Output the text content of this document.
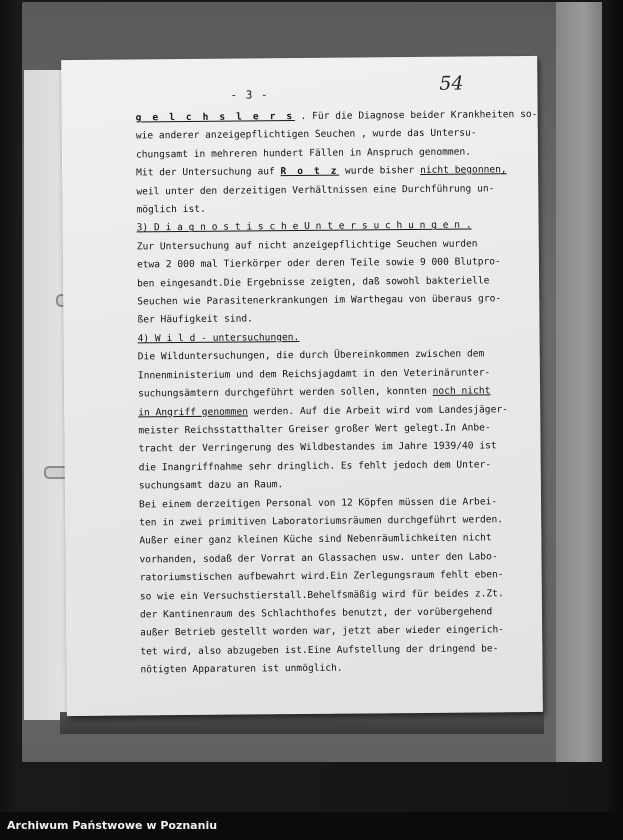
- 3 -
54
g e l c h s l e r s . Für die Diagnose beider Krankheiten so-
wie anderer anzeigepflichtigen Seuchen , wurde das Untersu-
chungsamt in mehreren hundert Fällen in Anspruch genommen.
Mit der Untersuchung auf R o t z wurde bisher nicht begonnen,
weil unter den derzeitigen Verhältnissen eine Durchführung un-
möglich ist.
3) D i a g n o s t i s c h e U n t e r s u c h u n g e n .
Zur Untersuchung auf nicht anzeigepflichtige Seuchen wurden
etwa 2 000 mal Tierkörper oder deren Teile sowie 9 000 Blutpro-
ben eingesandt.Die Ergebnisse zeigten, daß sowohl bakterielle
Seuchen wie Parasitenerkrankungen im Warthegau von überaus gro-
ßer Häufigkeit sind.
4) W i l d - untersuchungen.
Die Wilduntersuchungen, die durch Übereinkommen zwischen dem
Innenministerium und dem Reichsjagdamt in den Veterinärunter-
suchungsämtern durchgeführt werden sollen, konnten noch nicht
in Angriff genommen werden. Auf die Arbeit wird vom Landesjäger-
meister Reichsstatthalter Greiser großer Wert gelegt.In Anbe-
tracht der Verringerung des Wildbestandes im Jahre 1939/40 ist
die Inangriffnahme sehr dringlich. Es fehlt jedoch dem Unter-
suchungsamt dazu an Raum.
Bei einem derzeitigen Personal von 12 Köpfen müssen die Arbei-
ten in zwei primitiven Laboratoriumsräumen durchgeführt werden.
Außer einer ganz kleinen Küche sind Nebenräumlichkeiten nicht
vorhanden, sodaß der Vorrat an Glassachen usw. unter den Labo-
ratoriumstischen aufbewahrt wird.Ein Zerlegungsraum fehlt eben-
so wie ein Versuchstierstall.Behelfsmäßig wird für beides z.Zt.
der Kantinenraum des Schlachthofes benutzt, der vorübergehend
außer Betrieb gestellt worden war, jetzt aber wieder eingerich-
tet wird, also abzugeben ist.Eine Aufstellung der dringend be-
nötigten Apparaturen ist unmöglich.
Archiwum Państwowe w Poznaniu
